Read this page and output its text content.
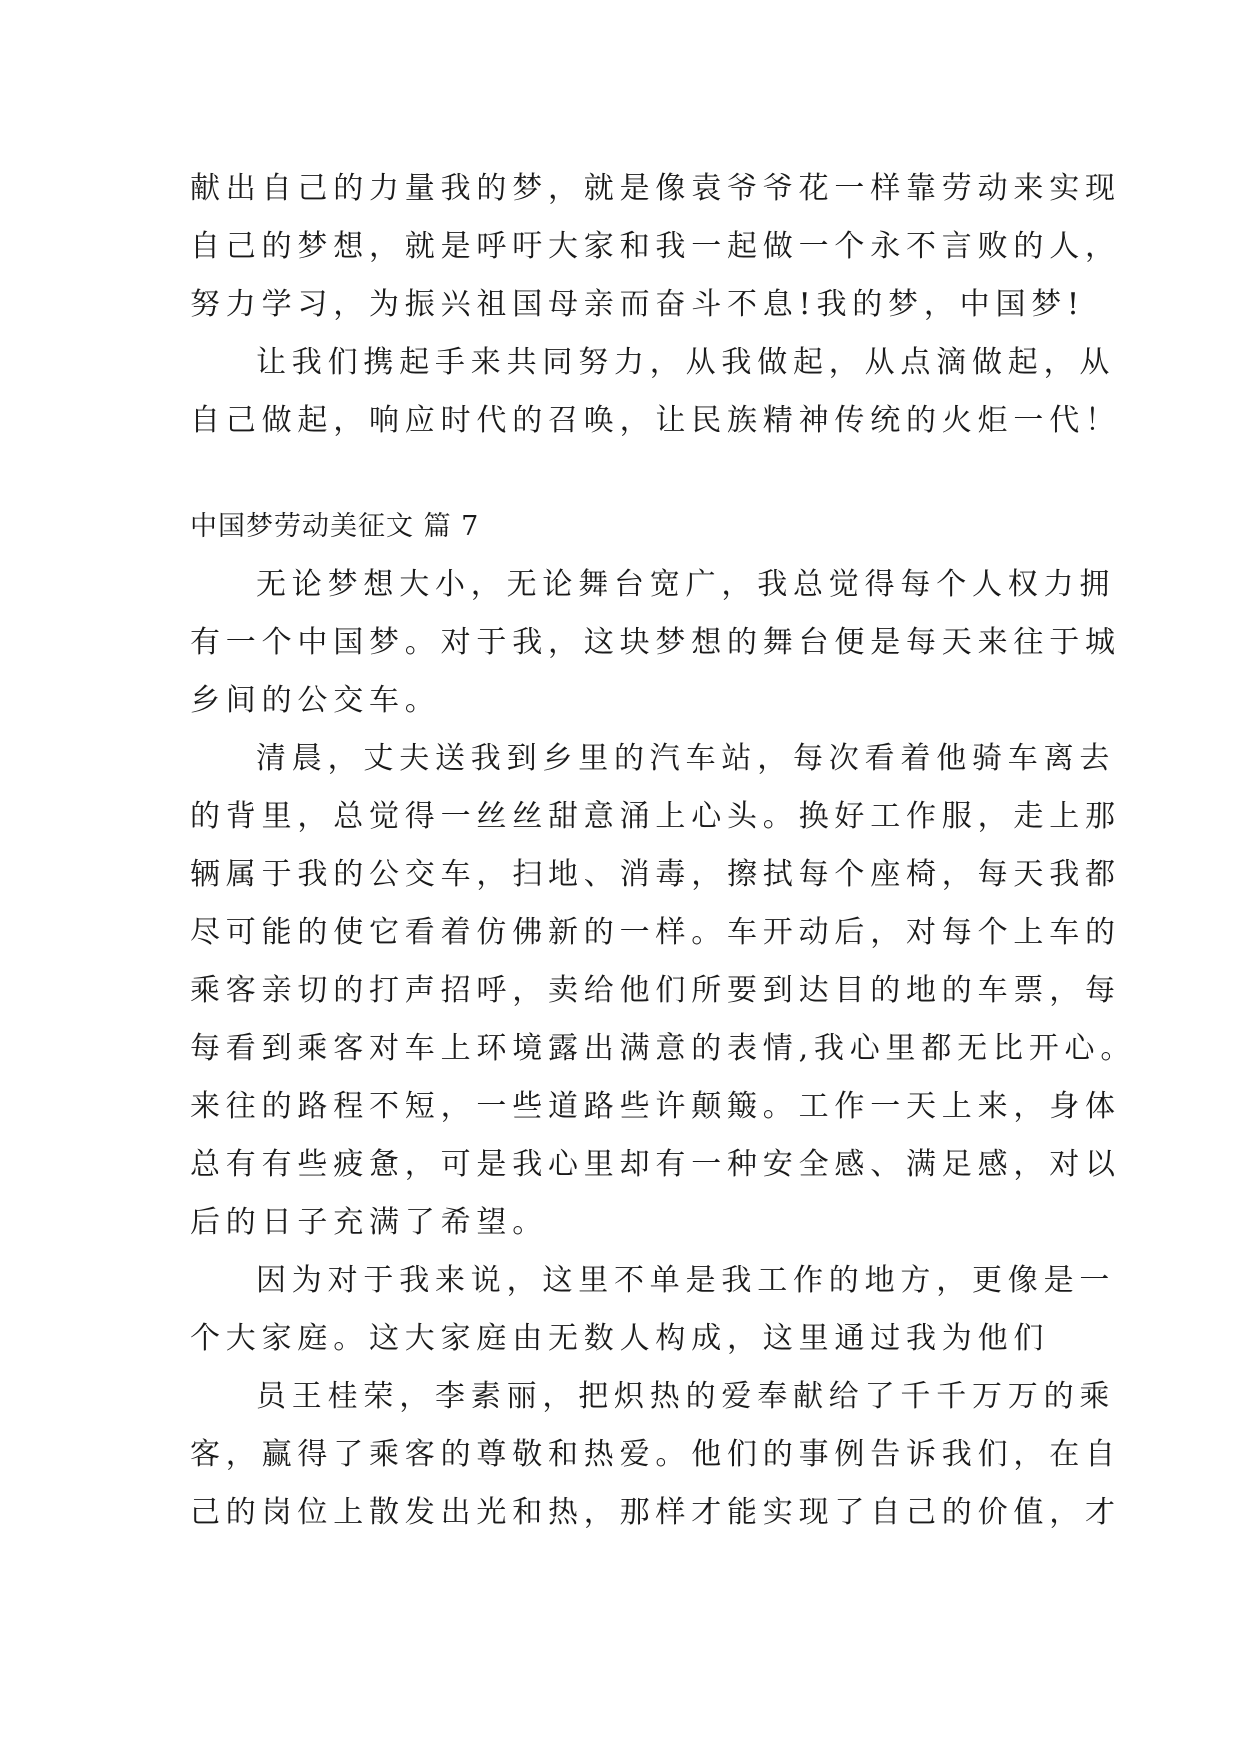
献出自己的力量我的梦，就是像袁爷爷花一样靠劳动来实现
自己的梦想，就是呼吁大家和我一起做一个永不言败的人，
努力学习，为振兴祖国母亲而奋斗不息!我的梦，中国梦!
让我们携起手来共同努力，从我做起，从点滴做起，从
自己做起，响应时代的召唤，让民族精神传统的火炬一代！
中国梦劳动美征文 篇 7
无论梦想大小，无论舞台宽广，我总觉得每个人权力拥
有一个中国梦。对于我，这块梦想的舞台便是每天来往于城
乡间的公交车。
清晨，丈夫送我到乡里的汽车站，每次看着他骑车离去
的背里，总觉得一丝丝甜意涌上心头。换好工作服，走上那
辆属于我的公交车，扫地、消毒，擦拭每个座椅，每天我都
尽可能的使它看着仿佛新的一样。车开动后，对每个上车的
乘客亲切的打声招呼，卖给他们所要到达目的地的车票，每
每看到乘客对车上环境露出满意的表情,我心里都无比开心。
来往的路程不短，一些道路些许颠簸。工作一天上来，身体
总有有些疲惫，可是我心里却有一种安全感、满足感，对以
后的日子充满了希望。
因为对于我来说，这里不单是我工作的地方，更像是一
个大家庭。这大家庭由无数人构成，这里通过我为他们
员王桂荣，李素丽，把炽热的爱奉献给了千千万万的乘
客，赢得了乘客的尊敬和热爱。他们的事例告诉我们，在自
己的岗位上散发出光和热，那样才能实现了自己的价值，才
